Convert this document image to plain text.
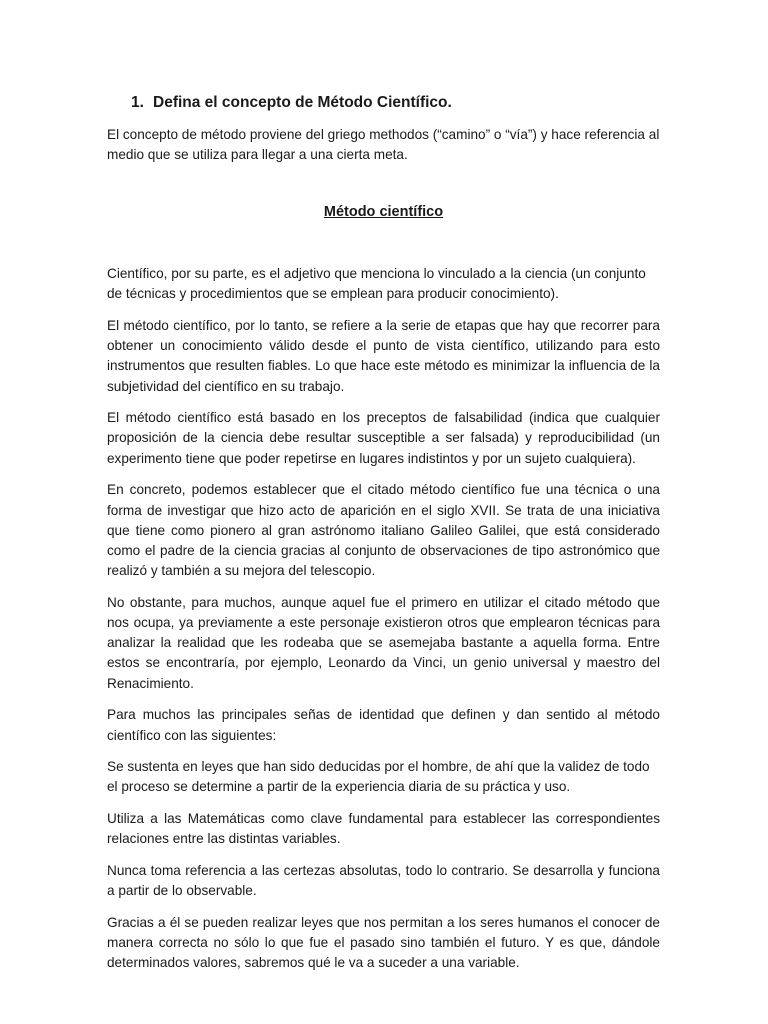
1. Defina el concepto de Método Científico.

El concepto de método proviene del griego methodos (“camino” o “vía”) y hace referencia al medio que se utiliza para llegar a una cierta meta.

Método científico

Científico, por su parte, es el adjetivo que menciona lo vinculado a la ciencia (un conjunto de técnicas y procedimientos que se emplean para producir conocimiento).

El método científico, por lo tanto, se refiere a la serie de etapas que hay que recorrer para obtener un conocimiento válido desde el punto de vista científico, utilizando para esto instrumentos que resulten fiables. Lo que hace este método es minimizar la influencia de la subjetividad del científico en su trabajo.

El método científico está basado en los preceptos de falsabilidad (indica que cualquier proposición de la ciencia debe resultar susceptible a ser falsada) y reproducibilidad (un experimento tiene que poder repetirse en lugares indistintos y por un sujeto cualquiera).

En concreto, podemos establecer que el citado método científico fue una técnica o una forma de investigar que hizo acto de aparición en el siglo XVII. Se trata de una iniciativa que tiene como pionero al gran astrónomo italiano Galileo Galilei, que está considerado como el padre de la ciencia gracias al conjunto de observaciones de tipo astronómico que realizó y también a su mejora del telescopio.

No obstante, para muchos, aunque aquel fue el primero en utilizar el citado método que nos ocupa, ya previamente a este personaje existieron otros que emplearon técnicas para analizar la realidad que les rodeaba que se asemejaba bastante a aquella forma. Entre estos se encontraría, por ejemplo, Leonardo da Vinci, un genio universal y maestro del Renacimiento.

Para muchos las principales señas de identidad que definen y dan sentido al método científico con las siguientes:

Se sustenta en leyes que han sido deducidas por el hombre, de ahí que la validez de todo el proceso se determine a partir de la experiencia diaria de su práctica y uso.

Utiliza a las Matemáticas como clave fundamental para establecer las correspondientes relaciones entre las distintas variables.

Nunca toma referencia a las certezas absolutas, todo lo contrario. Se desarrolla y funciona a partir de lo observable.

Gracias a él se pueden realizar leyes que nos permitan a los seres humanos el conocer de manera correcta no sólo lo que fue el pasado sino también el futuro. Y es que, dándole determinados valores, sabremos qué le va a suceder a una variable.
